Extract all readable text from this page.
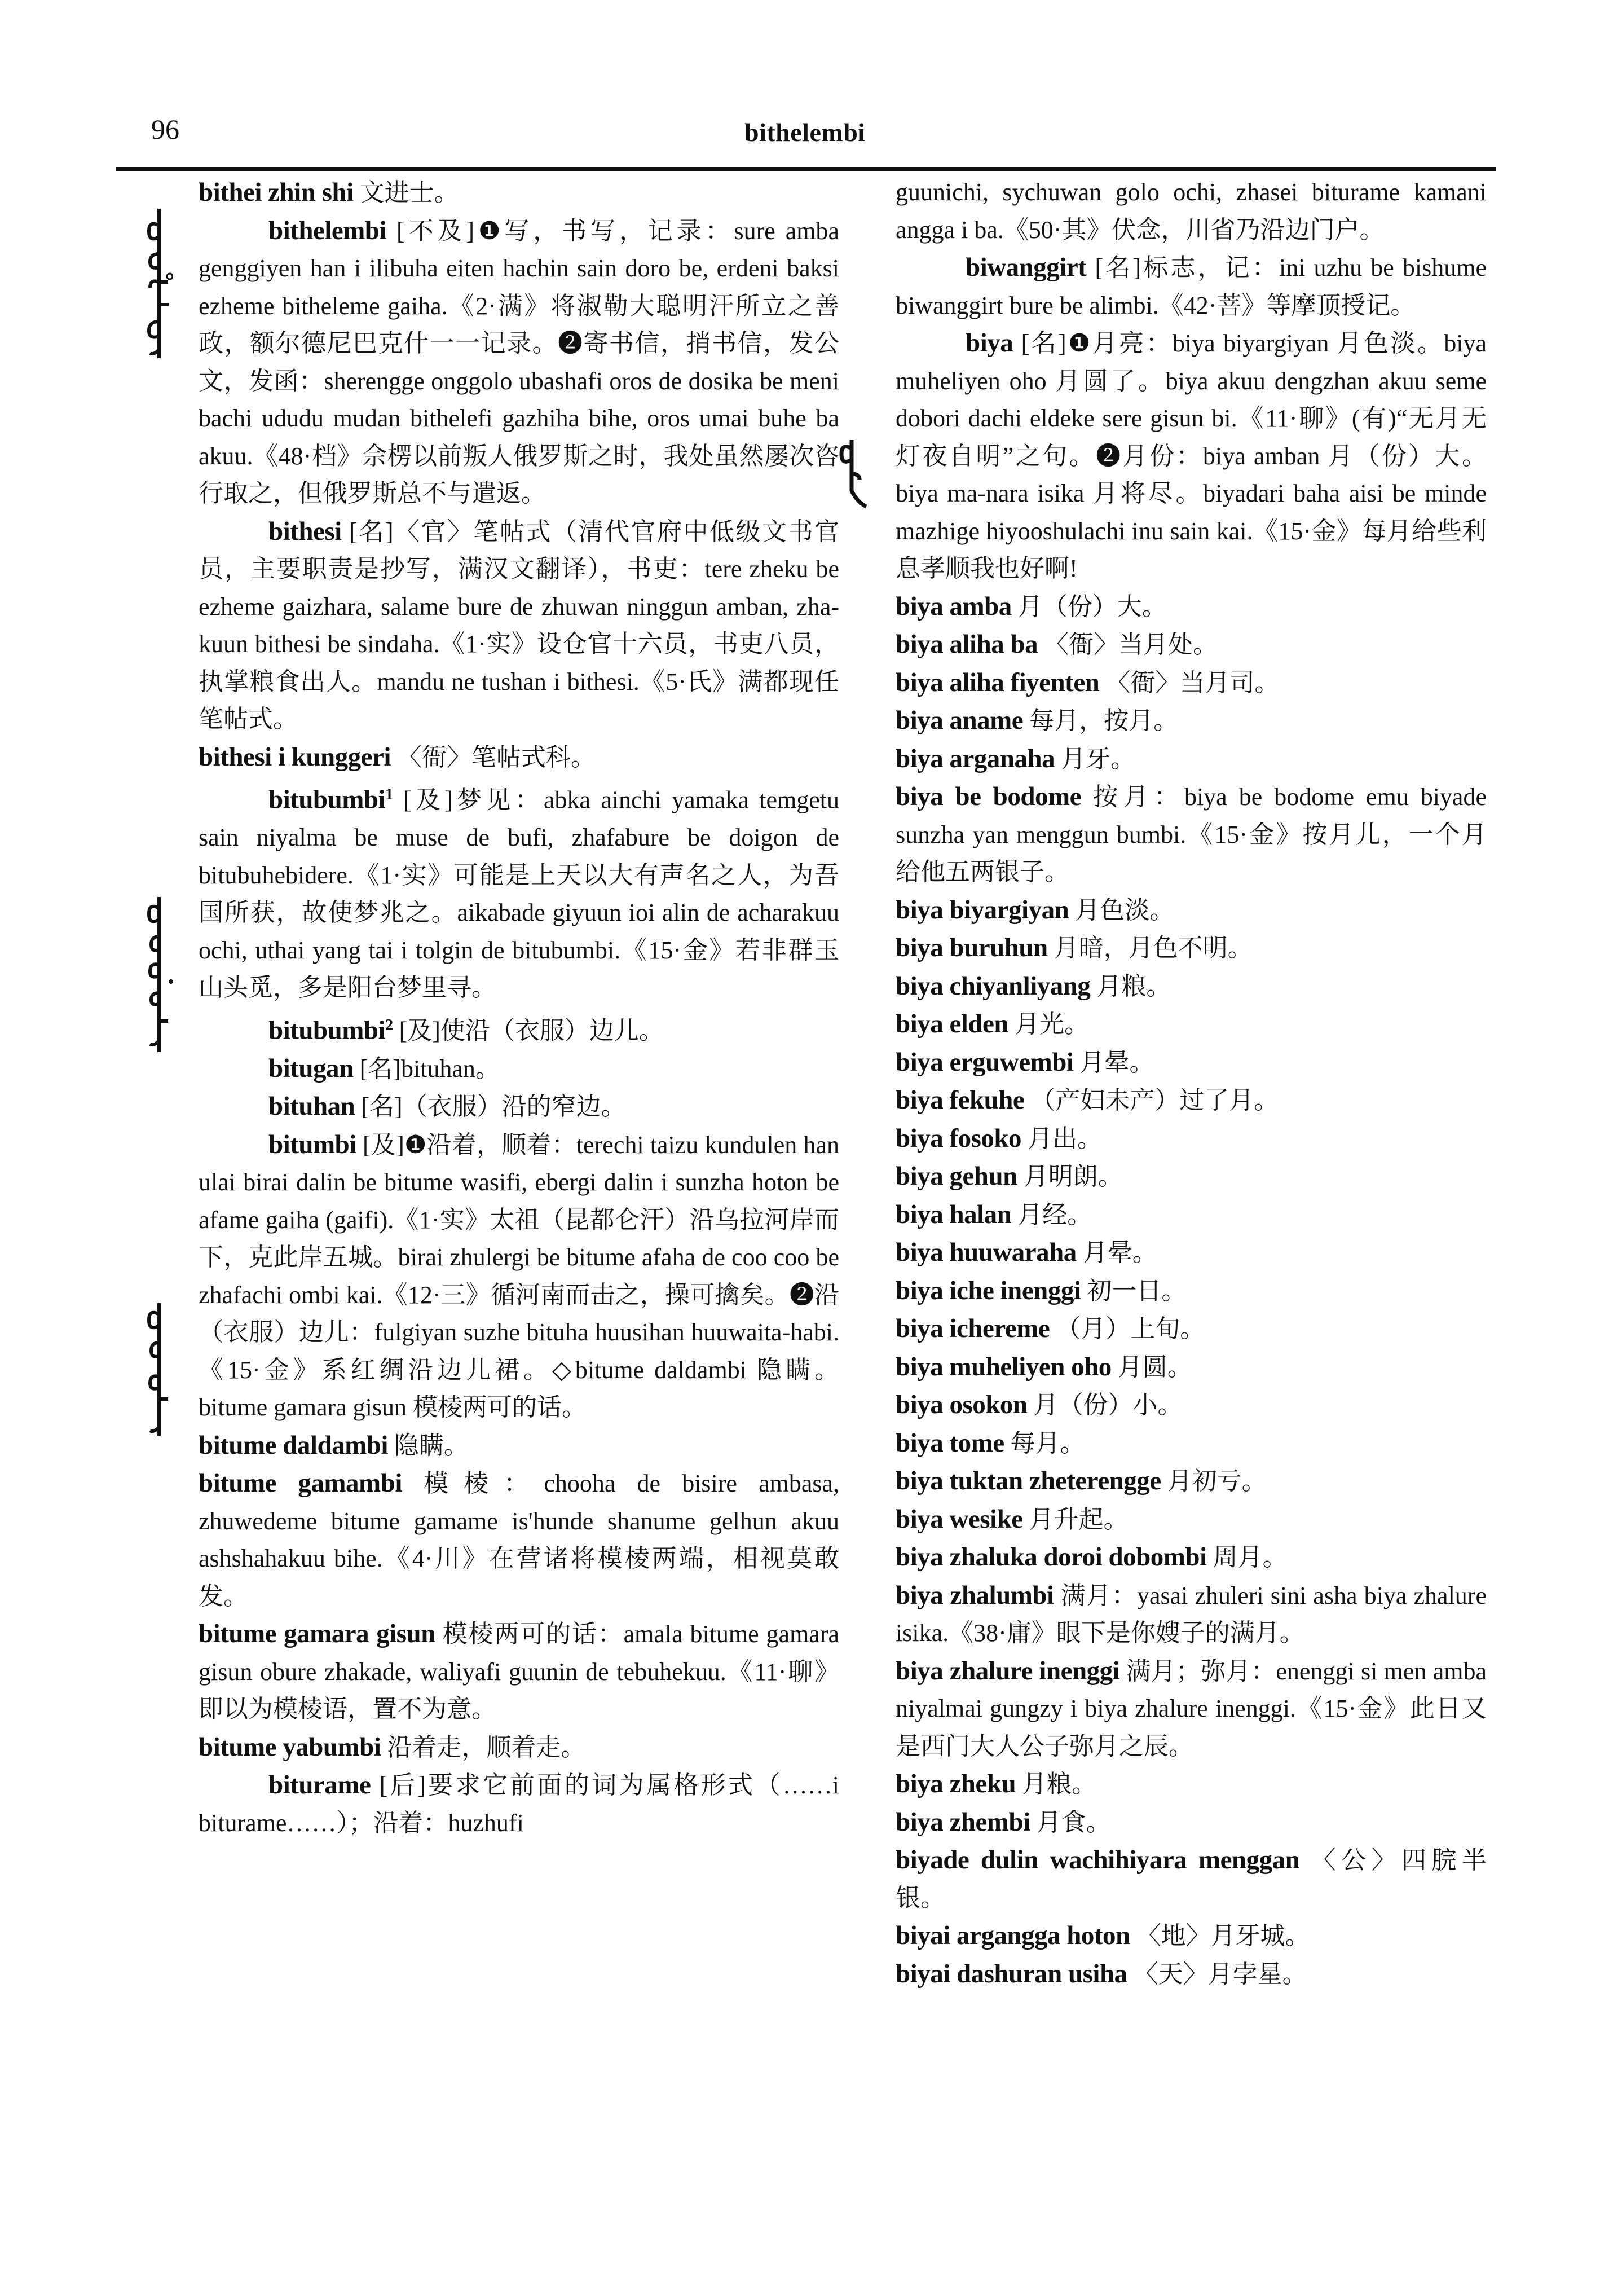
96	bithelembi

bithei zhin shi 文进士。

bithelembi [不及]❶写，书写，记录：sure amba genggiyen han i ilibuha eiten hachin sain doro be, erdeni baksi ezheme bitheleme gaiha.《2·满》将淑勒大聪明汗所立之善政，额尔德尼巴克什一一记录。❷寄书信，捎书信，发公文，发函：sherengge onggolo ubashafi oros de dosika be meni bachi ududu mudan bithelefi gazhiha bihe, oros umai buhe ba akuu.《48·档》佘楞以前叛人俄罗斯之时，我处虽然屡次咨行取之，但俄罗斯总不与遣返。

bithesi [名]〈官〉笔帖式（清代官府中低级文书官员，主要职责是抄写，满汉文翻译），书吏：tere zheku be ezheme gaizhara, salame bure de zhuwan ninggun amban, zha-kuun bithesi be sindaha.《1·实》设仓官十六员，书吏八员，执掌粮食出人。mandu ne tushan i bithesi.《5·氏》满都现任笔帖式。

bithesi i kunggeri 〈衙〉笔帖式科。

bitubumbi$^1$ [及]梦见：abka ainchi yamaka temgetu sain niyalma be muse de bufi, zhafabure be doigon de bitubuhebidere.《1·实》可能是上天以大有声名之人，为吾国所获，故使梦兆之。aikabade giyuun ioi alin de acharakuu ochi, uthai yang tai i tolgin de bitubumbi.《15·金》若非群玉山头觅，多是阳台梦里寻。

bitubumbi$^2$ [及]使沿（衣服）边儿。

bitugan [名]bituhan。

bituhan [名]（衣服）沿的窄边。

bitumbi [及]❶沿着，顺着：terechi taizu kundulen han ulai birai dalin be bitume wasifi, ebergi dalin i sunzha hoton be afame gaiha (gaifi).《1·实》太祖（昆都仑汗）沿乌拉河岸而下，克此岸五城。birai zhulergi be bitume afaha de coo coo be zhafachi ombi kai.《12·三》循河南而击之，操可擒矣。❷沿（衣服）边儿：fulgiyan suzhe bituha huusihan huuwaita-habi.《15·金》系红绸沿边儿裙。◇bitume daldambi 隐瞒。bitume gamara gisun 模棱两可的话。

bitume daldambi 隐瞒。

bitume gamambi 模棱：chooha de bisire ambasa, zhuwedeme bitume gamame is'hunde shanume gelhun akuu ashshahakuu bihe.《4·川》在营诸将模棱两端，相视莫敢发。

bitume gamara gisun 模棱两可的话：amala bitume gamara gisun obure zhakade, waliyafi guunin de tebuhekuu.《11·聊》即以为模棱语，置不为意。

bitume yabumbi 沿着走，顺着走。

biturame [后]要求它前面的词为属格形式（……i biturame……）；沿着：huzhufi

guunichi, sychuwan golo ochi, zhasei biturame kamani angga i ba.《50·其》伏念，川省乃沿边门户。

biwanggirt [名]标志，记：ini uzhu be bishume biwanggirt bure be alimbi.《42·菩》等摩顶授记。

biya [名]❶月亮：biya biyargiyan 月色淡。biya muheliyen oho 月圆了。biya akuu dengzhan akuu seme dobori dachi eldeke sere gisun bi.《11·聊》(有)“无月无灯夜自明”之句。❷月份：biya amban 月（份）大。biya ma-nara isika 月将尽。biyadari baha aisi be minde mazhige hiyooshulachi inu sain kai.《15·金》每月给些利息孝顺我也好啊!

biya amba 月（份）大。

biya aliha ba 〈衙〉当月处。

biya aliha fiyenten 〈衙〉当月司。

biya aname 每月，按月。

biya arganaha 月牙。

biya be bodome 按月：biya be bodome emu biyade sunzha yan menggun bumbi.《15·金》按月儿，一个月给他五两银子。

biya biyargiyan 月色淡。

biya buruhun 月暗，月色不明。

biya chiyanliyang 月粮。

biya elden 月光。

biya erguwembi 月晕。

biya fekuhe （产妇未产）过了月。

biya fosoko 月出。

biya gehun 月明朗。

biya halan 月经。

biya huuwaraha 月晕。

biya iche inenggi 初一日。

biya ichereme （月）上旬。

biya muheliyen oho 月圆。

biya osokon 月（份）小。

biya tome 每月。

biya tuktan zheterengge 月初亏。

biya wesike 月升起。

biya zhaluka doroi dobombi 周月。

biya zhalumbi 满月：yasai zhuleri sini asha biya zhalure isika.《38·庸》眼下是你嫂子的满月。

biya zhalure inenggi 满月；弥月：enenggi si men amba niyalmai gungzy i biya zhalure inenggi.《15·金》此日又是西门大人公子弥月之辰。

biya zheku 月粮。

biya zhembi 月食。

biyade dulin wachihiyara menggan 〈公〉四脘半银。

biyai argangga hoton 〈地〉月牙城。

biyai dashuran usiha 〈天〉月孛星。
